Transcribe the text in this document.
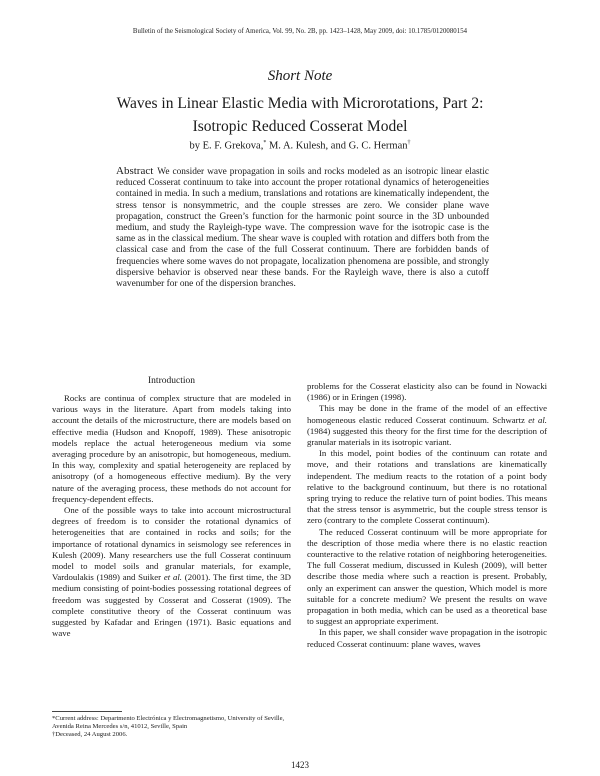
Bulletin of the Seismological Society of America, Vol. 99, No. 2B, pp. 1423–1428, May 2009, doi: 10.1785/0120080154
Short Note
Waves in Linear Elastic Media with Microrotations, Part 2:
Isotropic Reduced Cosserat Model
by E. F. Grekova,* M. A. Kulesh, and G. C. Herman†
Abstract We consider wave propagation in soils and rocks modeled as an isotropic linear elastic reduced Cosserat continuum to take into account the proper rotational dynamics of heterogeneities contained in media. In such a medium, translations and rotations are kinematically independent, the stress tensor is nonsymmetric, and the couple stresses are zero. We consider plane wave propagation, construct the Green’s function for the harmonic point source in the 3D unbounded medium, and study the Rayleigh-type wave. The compression wave for the isotropic case is the same as in the classical medium. The shear wave is coupled with rotation and differs both from the classical case and from the case of the full Cosserat continuum. There are forbidden bands of frequencies where some waves do not propagate, localization phenomena are possible, and strongly dispersive behavior is observed near these bands. For the Rayleigh wave, there is also a cutoff wavenumber for one of the dispersion branches.
Introduction

Rocks are continua of complex structure that are modeled in various ways in the literature. Apart from models taking into account the details of the microstructure, there are models based on effective media (Hudson and Knopoff, 1989). These anisotropic models replace the actual heterogeneous medium via some averaging procedure by an anisotropic, but homogeneous, medium. In this way, complexity and spatial heterogeneity are replaced by anisotropy (of a homogeneous effective medium). By the very nature of the averaging process, these methods do not account for frequency-dependent effects.

One of the possible ways to take into account microstructural degrees of freedom is to consider the rotational dynamics of heterogeneities that are contained in rocks and soils; for the importance of rotational dynamics in seismology see references in Kulesh (2009). Many researchers use the full Cosserat continuum model to model soils and granular materials, for example, Vardoulakis (1989) and Suiker et al. (2001). The first time, the 3D medium consisting of point-bodies possessing rotational degrees of freedom was suggested by Cosserat and Cosserat (1909). The complete constitutive theory of the Cosserat continuum was suggested by Kafadar and Eringen (1971). Basic equations and wave

*Current address: Departmento Electrónica y Electromagnetismo, University of Seville, Avenida Reina Mercedes s/n, 41012, Seville, Spain

†Deceased, 24 August 2006.

problems for the Cosserat elasticity also can be found in Nowacki (1986) or in Eringen (1998).

This may be done in the frame of the model of an effective homogeneous elastic reduced Cosserat continuum. Schwartz et al. (1984) suggested this theory for the first time for the description of granular materials in its isotropic variant.

In this model, point bodies of the continuum can rotate and move, and their rotations and translations are kinematically independent. The medium reacts to the rotation of a point body relative to the background continuum, but there is no rotational spring trying to reduce the relative turn of point bodies. This means that the stress tensor is asymmetric, but the couple stress tensor is zero (contrary to the complete Cosserat continuum).

The reduced Cosserat continuum will be more appropriate for the description of those media where there is no elastic reaction counteractive to the relative rotation of neighboring heterogeneities. The full Cosserat medium, discussed in Kulesh (2009), will better describe those media where such a reaction is present. Probably, only an experiment can answer the question, Which model is more suitable for a concrete medium? We present the results on wave propagation in both media, which can be used as a theoretical base to suggest an appropriate experiment.

In this paper, we shall consider wave propagation in the isotropic reduced Cosserat continuum: plane waves, waves

1423
